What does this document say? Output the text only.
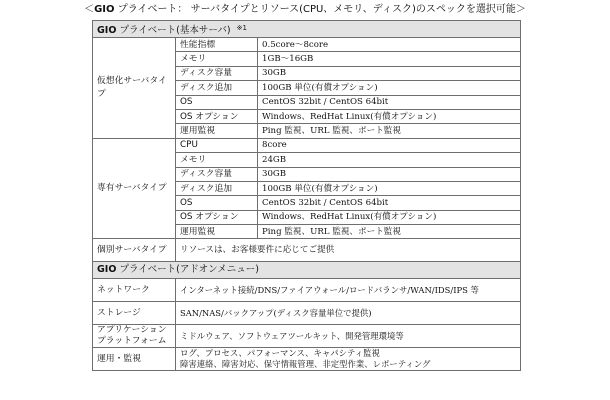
＜GIO プライベート： サーバタイプとリソース(CPU、メモリ、ディスク)のスペックを選択可能＞
GIO プライベート(基本サーバ) $^{※1}$
仮想化サーバタイプ	性能指標	0.5core～8core
	メモリ	1GB～16GB
	ディスク容量	30GB
	ディスク追加	100GB 単位(有償オプション)
	OS	CentOS 32bit / CentOS 64bit
	OS オプション	Windows、RedHat Linux(有償オプション)
	運用監視	Ping 監視、URL 監視、ポート監視
専有サーバタイプ	CPU	8core
	メモリ	24GB
	ディスク容量	30GB
	ディスク追加	100GB 単位(有償オプション)
	OS	CentOS 32bit / CentOS 64bit
	OS オプション	Windows、RedHat Linux(有償オプション)
	運用監視	Ping 監視、URL 監視、ポート監視
個別サーバタイプ	リソースは、お客様要件に応じてご提供	
GIO プライベート(アドオンメニュー)		
ネットワーク	インターネット接続/DNS/ファイアウォール/ロードバランサ/WAN/IDS/IPS 等	
ストレージ	SAN/NAS/バックアップ(ディスク容量単位で提供)	

アプリケーション
プラットフォーム	ミドルウェア、ソフトウェアツールキット、開発管理環境等	
運用・監視	ログ、プロセス、パフォーマンス、キャパシティ監視
障害連絡、障害対応、保守情報管理、非定型作業、レポーティング	
